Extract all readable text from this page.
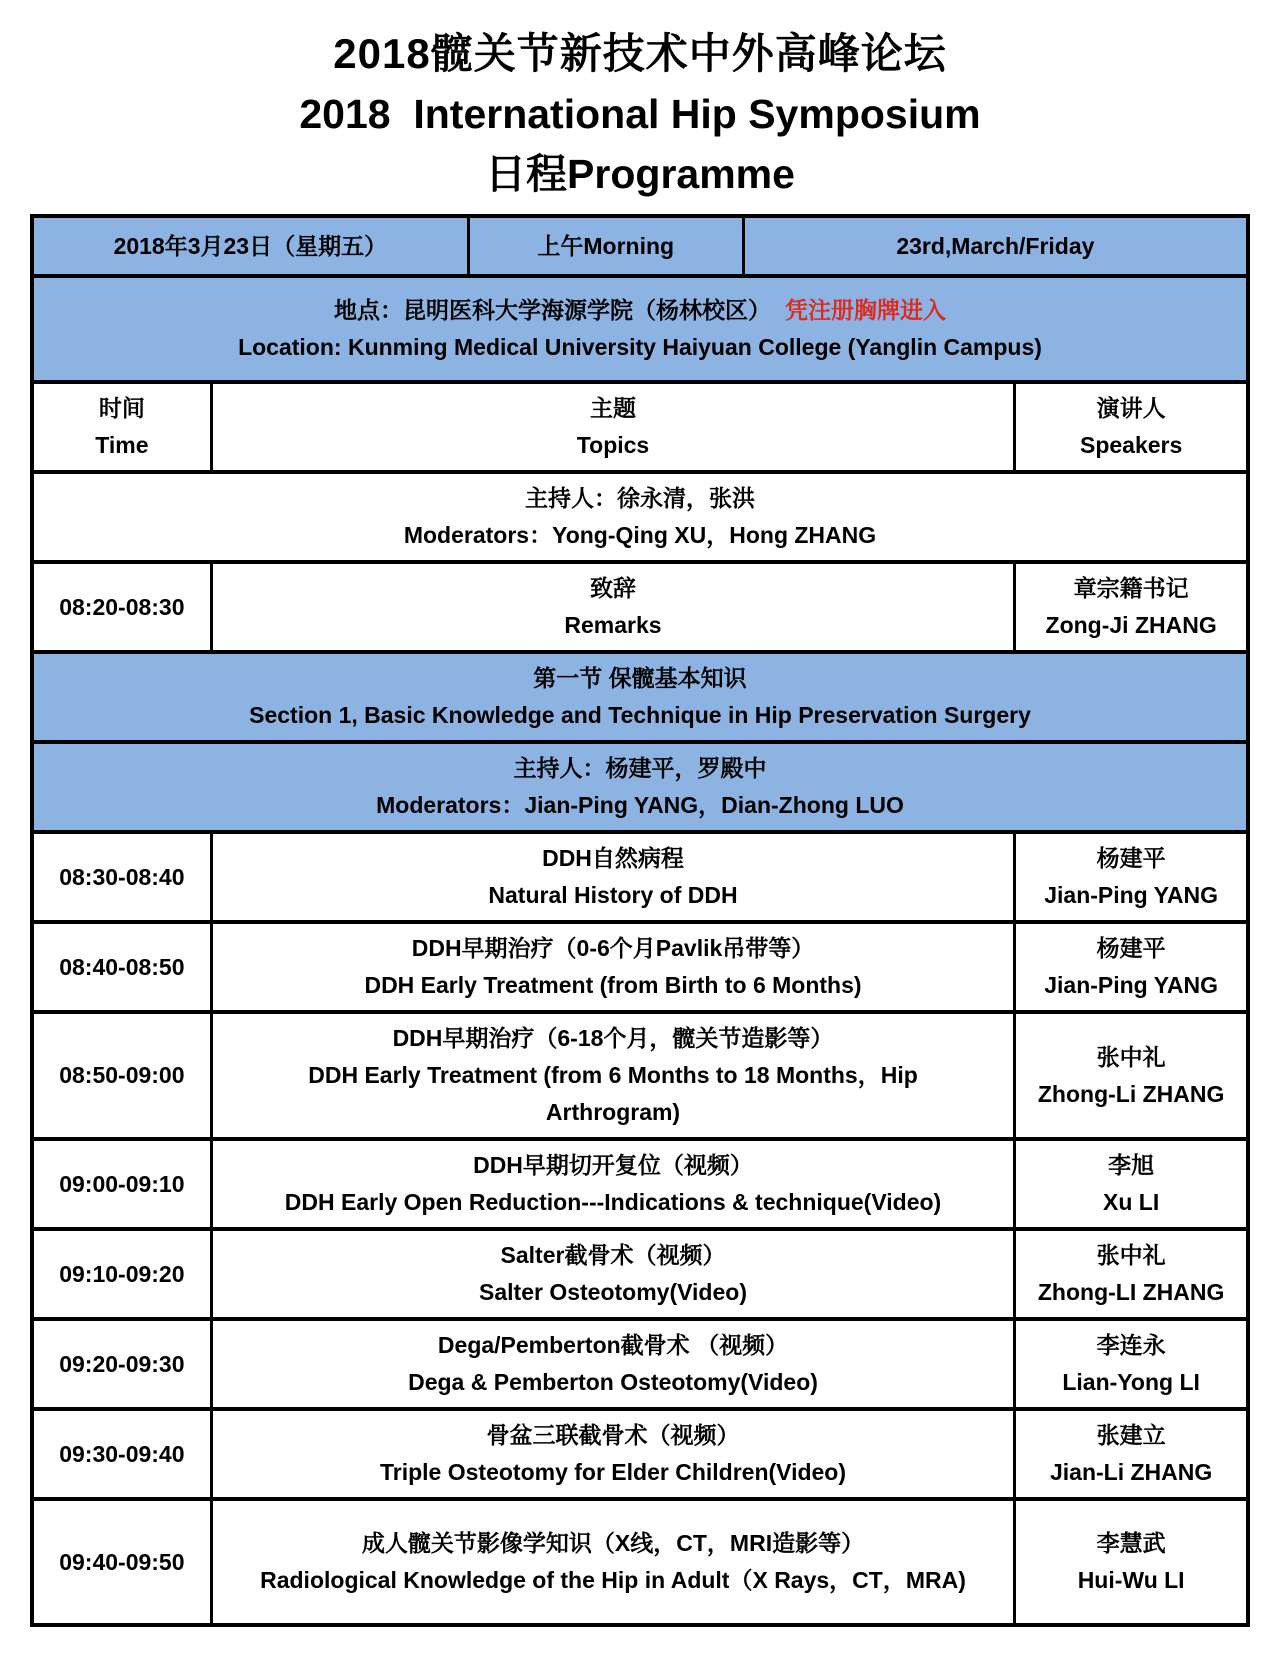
2018髋关节新技术中外高峰论坛
2018  International Hip Symposium
日程Programme
2018年3月23日（星期五）	上午Morning	23rd,March/Friday
地点：昆明医科大学海源学院（杨林校区） 凭注册胸牌进入
Location: Kunming Medical University Haiyuan College (Yanglin Campus)
时间
Time
主题
Topics
演讲人
Speakers
主持人：徐永清，张洪
Moderators：Yong-Qing XU，Hong ZHANG
08:20-08:30
致辞
Remarks
章宗籍书记
Zong-Ji ZHANG
第一节 保髋基本知识
Section 1, Basic Knowledge and Technique in Hip Preservation Surgery
主持人：杨建平，罗殿中
Moderators：Jian-Ping YANG，Dian-Zhong LUO
08:30-08:40
DDH自然病程
Natural History of DDH
杨建平
Jian-Ping YANG
08:40-08:50
DDH早期治疗（0-6个月Pavlik吊带等）
DDH Early Treatment (from Birth to 6 Months)
杨建平
Jian-Ping YANG
08:50-09:00
DDH早期治疗（6-18个月，髋关节造影等）
DDH Early Treatment (from 6 Months to 18 Months，Hip Arthrogram)
张中礼
Zhong-Li ZHANG
09:00-09:10
DDH早期切开复位（视频）
DDH Early Open Reduction---Indications & technique(Video)
李旭
Xu LI
09:10-09:20
Salter截骨术（视频）
Salter Osteotomy(Video)
张中礼
Zhong-LI ZHANG
09:20-09:30
Dega/Pemberton截骨术 （视频）
Dega & Pemberton Osteotomy(Video)
李连永
Lian-Yong LI
09:30-09:40
骨盆三联截骨术（视频）
Triple Osteotomy for Elder Children(Video)
张建立
Jian-Li ZHANG
09:40-09:50
成人髋关节影像学知识（X线，CT，MRI造影等）
Radiological Knowledge of the Hip in Adult（X Rays，CT，MRA)
李慧武
Hui-Wu LI
